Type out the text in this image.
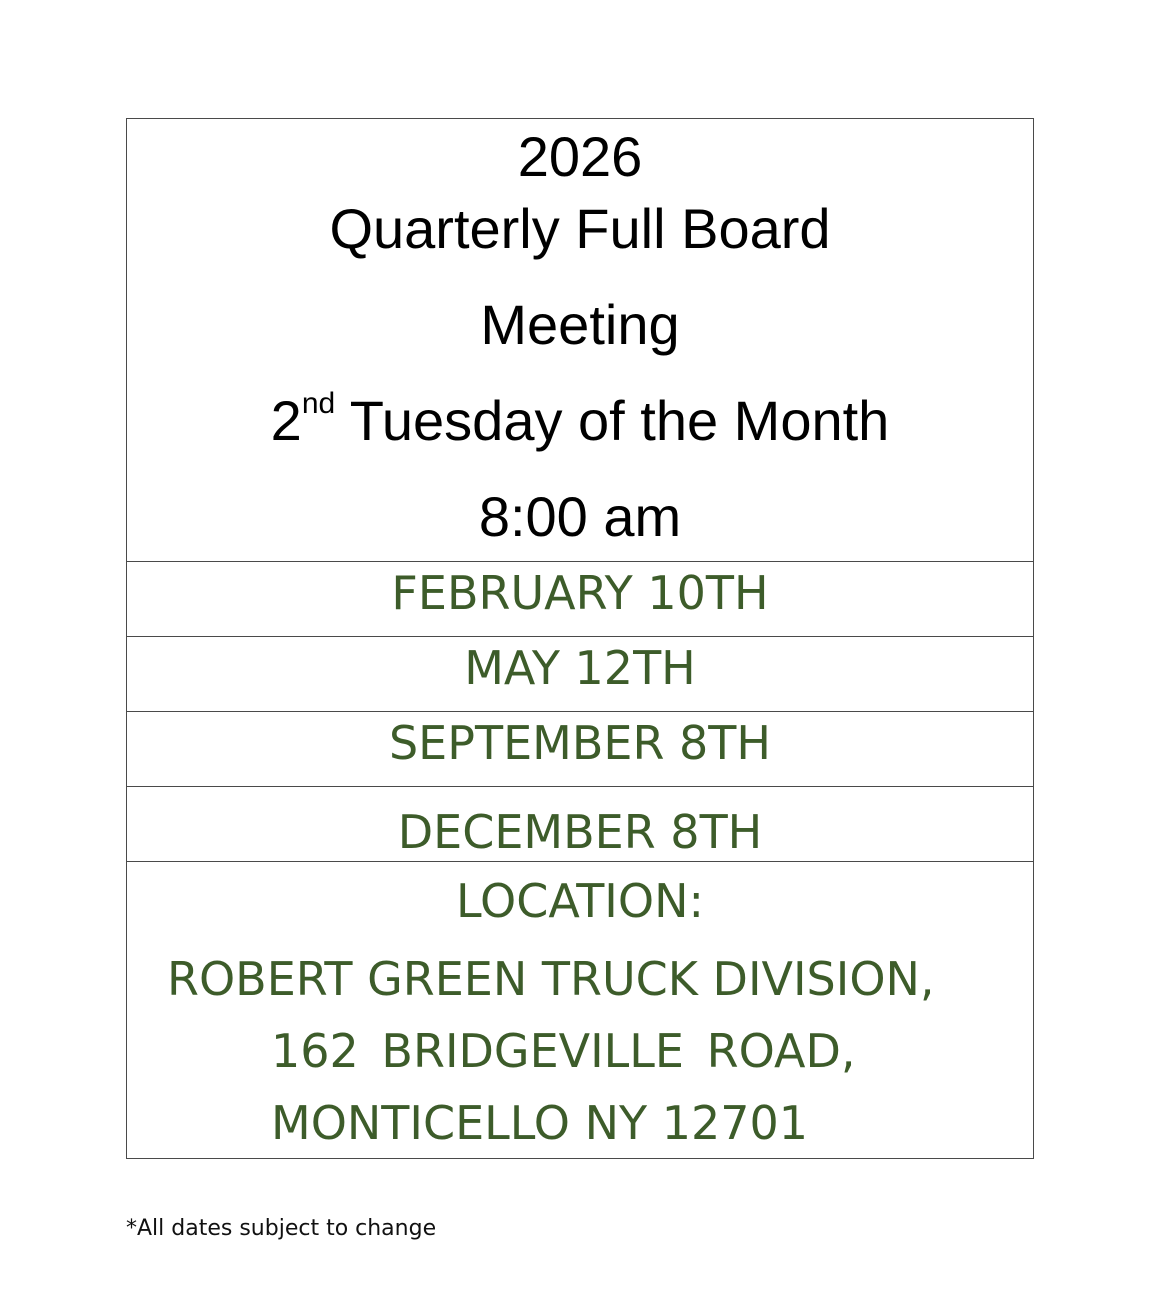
2026
Quarterly Full Board
Meeting
2nd Tuesday of the Month
8:00 am
FEBRUARY 10TH
MAY 12TH
SEPTEMBER 8TH
DECEMBER 8TH
LOCATION:
ROBERT GREEN TRUCK DIVISION,
162 BRIDGEVILLE ROAD,
MONTICELLO NY 12701
*All dates subject to change
